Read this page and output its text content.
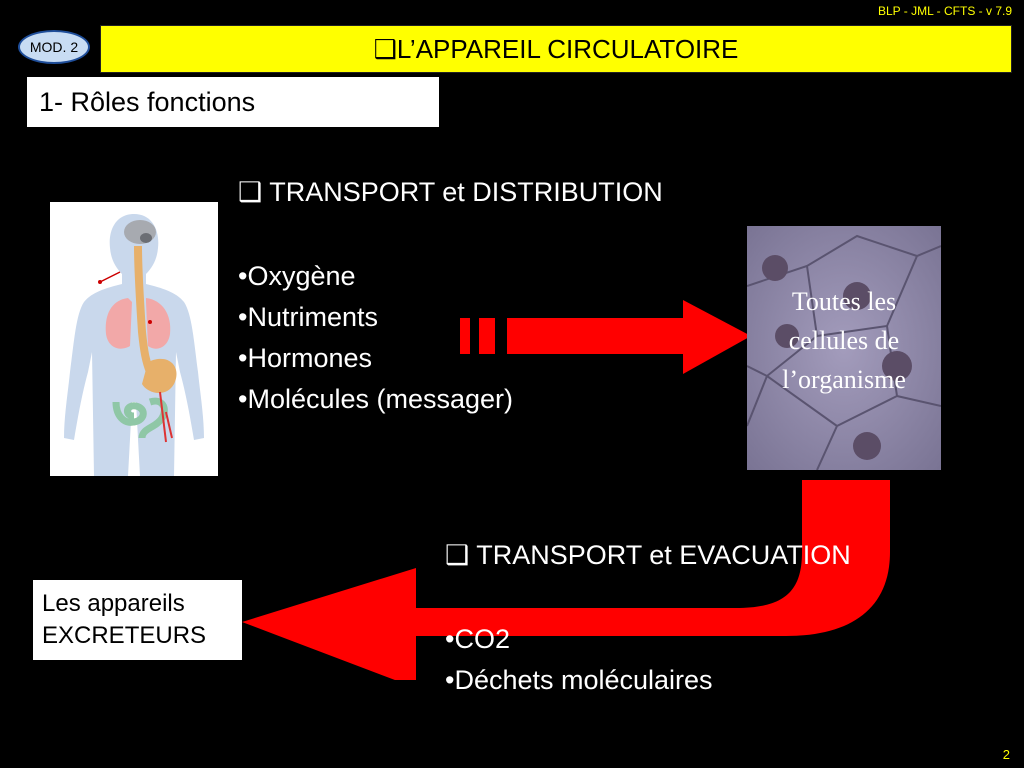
BLP - JML - CFTS - v 7.9
MOD. 2	❑ L’APPAREIL CIRCULATOIRE
1- Rôles fonctions
❑ TRANSPORT et DISTRIBUTION
•Oxygène
•Nutriments
•Hormones
•Molécules (messager)
Toutes les
cellules de
l’organisme
❑ TRANSPORT et EVACUATION
•CO2
•Déchets moléculaires
Les appareils
EXCRETEURS
2
